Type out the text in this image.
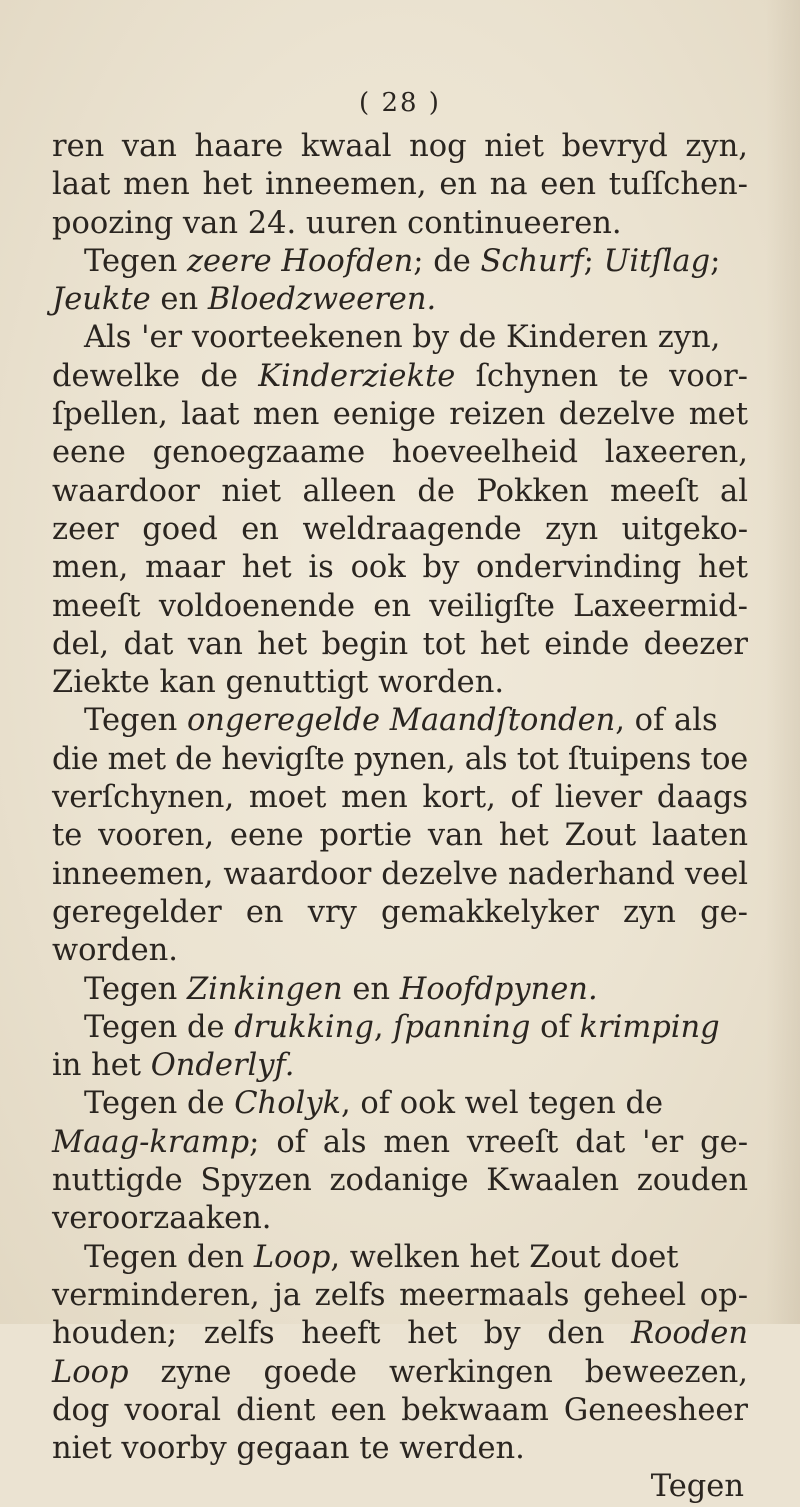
( 28 )
ren van haare kwaal nog niet bevryd zyn,
laat men het inneemen, en na een tuſſchen-
poozing van 24. uuren continueeren.
Tegen zeere Hoofden; de Schurf; Uitſlag;
Jeukte en Bloedzweeren.
Als 'er voorteekenen by de Kinderen zyn,
dewelke de Kinderziekte ſchynen te voor-
ſpellen, laat men eenige reizen dezelve met
eene genoegzaame hoeveelheid laxeeren,
waardoor niet alleen de Pokken meeſt al
zeer goed en weldraagende zyn uitgeko-
men, maar het is ook by ondervinding het
meeſt voldoenende en veiligſte Laxeermid-
del, dat van het begin tot het einde deezer
Ziekte kan genuttigt worden.
Tegen ongeregelde Maandſtonden, of als
die met de hevigſte pynen, als tot ſtuipens toe
verſchynen, moet men kort, of liever daags
te vooren, eene portie van het Zout laaten
inneemen, waardoor dezelve naderhand veel
geregelder en vry gemakkelyker zyn ge-
worden.
Tegen Zinkingen en Hoofdpynen.
Tegen de drukking, ſpanning of krimping
in het Onderlyf.
Tegen de Cholyk, of ook wel tegen de
Maag-kramp; of als men vreeſt dat 'er ge-
nuttigde Spyzen zodanige Kwaalen zouden
veroorzaaken.
Tegen den Loop, welken het Zout doet
verminderen, ja zelfs meermaals geheel op-
houden; zelfs heeft het by den Rooden
Loop zyne goede werkingen beweezen,
dog vooral dient een bekwaam Geneesheer
niet voorby gegaan te werden.
Tegen
